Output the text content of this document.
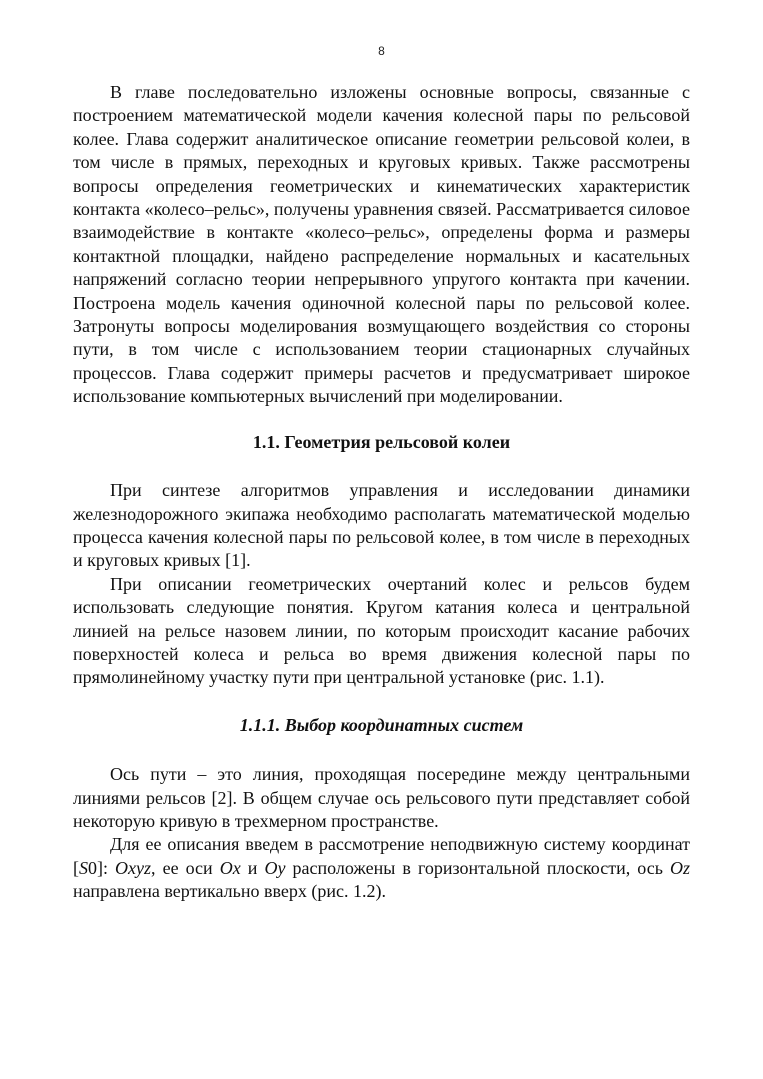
8

В главе последовательно изложены основные вопросы, связанные с построением математической модели качения колесной пары по рельсовой колее. Глава содержит аналитическое описание геометрии рельсовой колеи, в том числе в прямых, переходных и круговых кривых. Также рассмотрены вопросы определения геометрических и кинематических характеристик контакта «колесо–рельс», получены уравнения связей. Рассматривается силовое взаимодействие в контакте «колесо–рельс», определены форма и размеры контактной площадки, найдено распределение нормальных и касательных напряжений согласно теории непрерывного упругого контакта при качении. Построена модель качения одиночной колесной пары по рельсовой колее. Затронуты вопросы моделирования возмущающего воздействия со стороны пути, в том числе с использованием теории стационарных случайных процессов. Глава содержит примеры расчетов и предусматривает широкое использование компьютерных вычислений при моделировании.

1.1. Геометрия рельсовой колеи

При синтезе алгоритмов управления и исследовании динамики железнодорожного экипажа необходимо располагать математической моделью процесса качения колесной пары по рельсовой колее, в том числе в переходных и круговых кривых [1].

При описании геометрических очертаний колес и рельсов будем использовать следующие понятия. Кругом катания колеса и центральной линией на рельсе назовем линии, по которым происходит касание рабочих поверхностей колеса и рельса во время движения колесной пары по прямолинейному участку пути при центральной установке (рис. 1.1).

1.1.1. Выбор координатных систем

Ось пути – это линия, проходящая посередине между центральными линиями рельсов [2]. В общем случае ось рельсового пути представляет собой некоторую кривую в трехмерном пространстве.

Для ее описания введем в рассмотрение неподвижную систему координат [S0]: Oxyz, ее оси Ox и Oy расположены в горизонтальной плоскости, ось Oz направлена вертикально вверх (рис. 1.2).
